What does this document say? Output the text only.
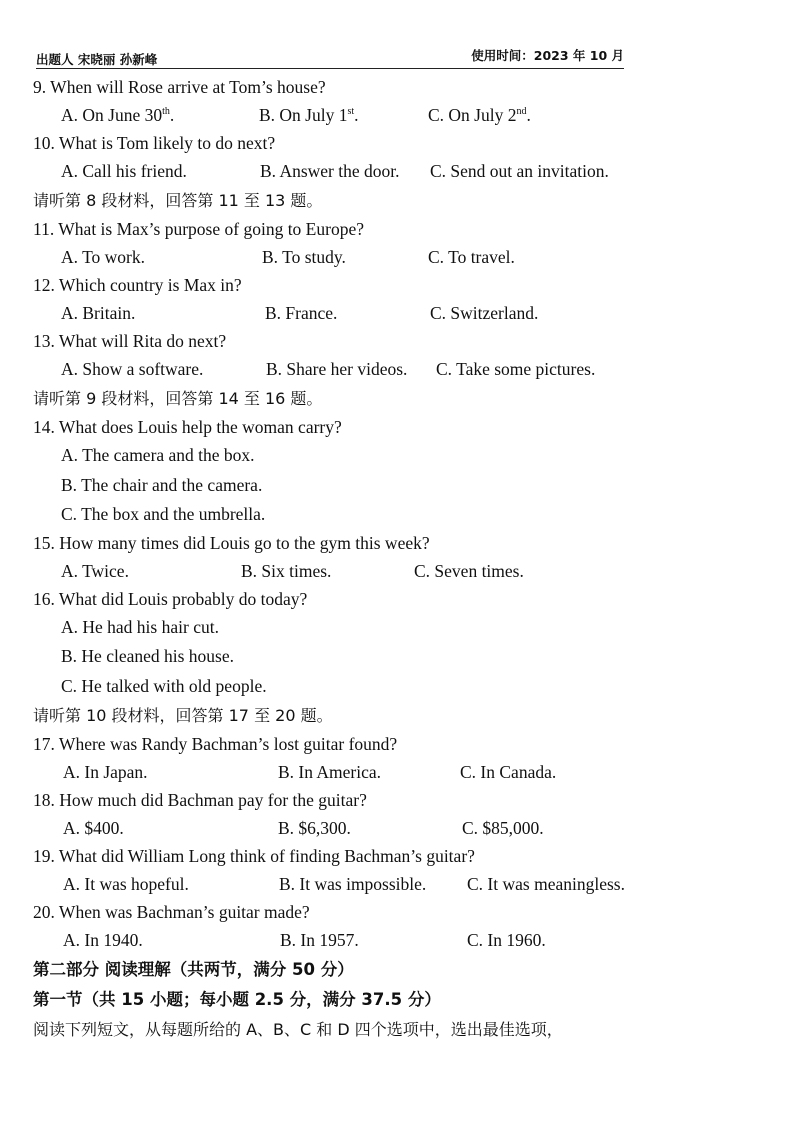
出题人 宋晓丽 孙新峰	使用时间：2023 年 10 月
9. When will Rose arrive at Tom’s house?
A. On June 30th.	B. On July 1st.	C. On July 2nd.
10. What is Tom likely to do next?
A. Call his friend.	B. Answer the door. C. Send out an invitation.
请听第 8 段材料，回答第 11 至 13 题。
11. What is Max’s purpose of going to Europe?
A. To work.	B. To study.	C. To travel.
12. Which country is Max in?
A. Britain.	B. France.	C. Switzerland.
13. What will Rita do next?
A. Show a software.	B. Share her videos. C. Take some pictures.
请听第 9 段材料，回答第 14 至 16 题。
14. What does Louis help the woman carry?
A. The camera and the box.
B. The chair and the camera.
C. The box and the umbrella.
15. How many times did Louis go to the gym this week?
A. Twice.	B. Six times.	C. Seven times.
16. What did Louis probably do today?
A. He had his hair cut.
B. He cleaned his house.
C. He talked with old people.
请听第 10 段材料，回答第 17 至 20 题。
17. Where was Randy Bachman’s lost guitar found?
A. In Japan.	B. In America.	C. In Canada.
18. How much did Bachman pay for the guitar?
A. $400.	B. $6,300.	C. $85,000.
19. What did William Long think of finding Bachman’s guitar?
A. It was hopeful.	B. It was impossible. C. It was meaningless.
20. When was Bachman’s guitar made?
A. In 1940.	B. In 1957.	C. In 1960.
第二部分 阅读理解（共两节，满分 50 分）
第一节（共 15 小题；每小题 2.5 分，满分 37.5 分）
阅读下列短文，从每题所给的 A、B、C 和 D 四个选项中，选出最佳选项，
